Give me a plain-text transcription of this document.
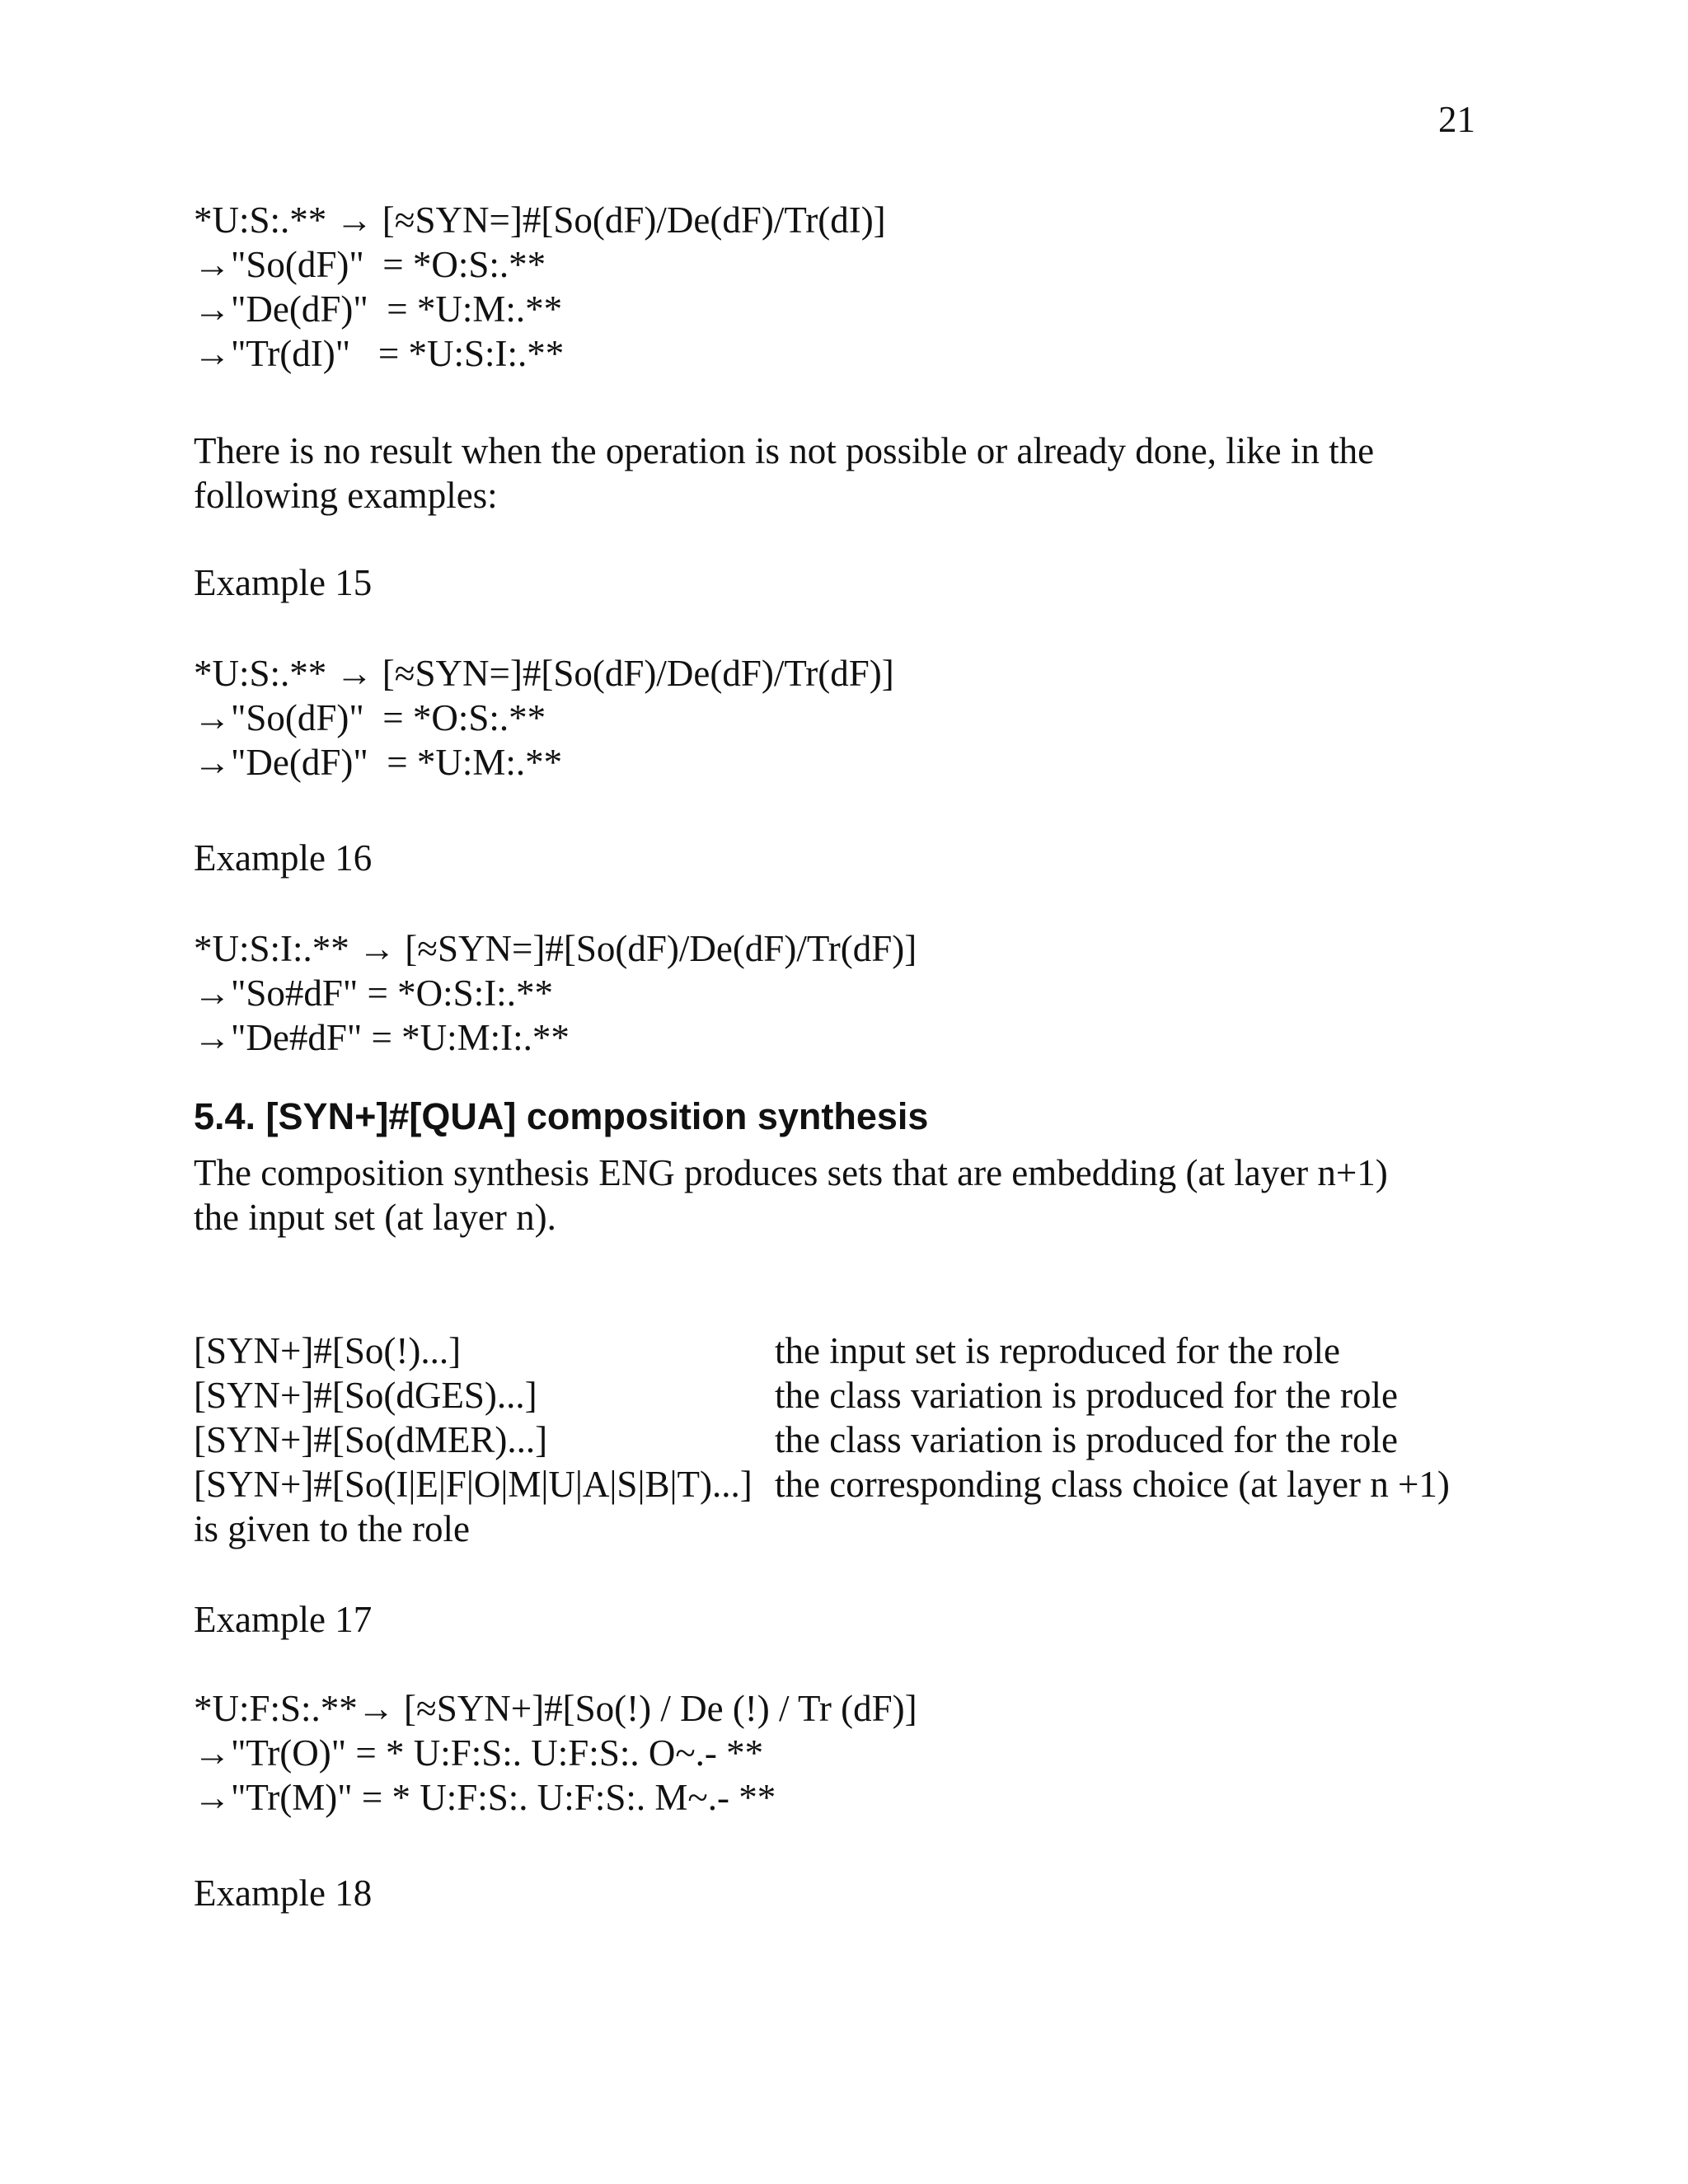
21
*U:S:.** → [≈SYN=]#[So(dF)/De(dF)/Tr(dI)]
→"So(dF)"  = *O:S:.**
→"De(dF)"  = *U:M:.**
→"Tr(dI)"   = *U:S:I:.**
There is no result when the operation is not possible or already done, like in the
following examples:
Example 15
*U:S:.** → [≈SYN=]#[So(dF)/De(dF)/Tr(dF)]
→"So(dF)"  = *O:S:.**
→"De(dF)"  = *U:M:.**
Example 16
*U:S:I:.** → [≈SYN=]#[So(dF)/De(dF)/Tr(dF)]
→"So#dF" = *O:S:I:.**
→"De#dF" = *U:M:I:.**
5.4. [SYN+]#[QUA] composition synthesis
The composition synthesis ENG produces sets that are embedding (at layer n+1)
the input set (at layer n).
[SYN+]#[So(!)...]	the input set is reproduced for the role
[SYN+]#[So(dGES)...]	the class variation is produced for the role
[SYN+]#[So(dMER)...]	the class variation is produced for the role
[SYN+]#[So(I|E|F|O|M|U|A|S|B|T)...] the corresponding class choice (at layer n +1)
is given to the role
Example 17
*U:F:S:.**→ [≈SYN+]#[So(!) / De (!) / Tr (dF)]
→"Tr(O)" = * U:F:S:. U:F:S:. O~.- **
→"Tr(M)" = * U:F:S:. U:F:S:. M~.- **
Example 18
